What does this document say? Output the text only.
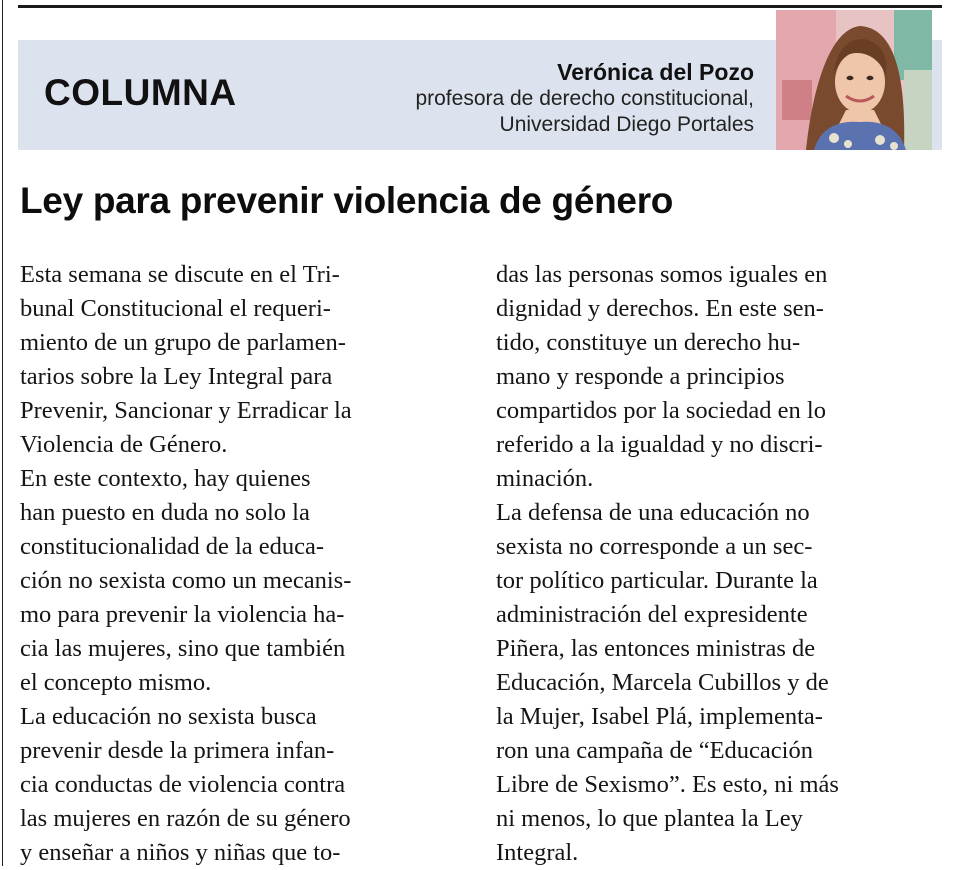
COLUMNA	Verónica del Pozo
profesora de derecho constitucional,
Universidad Diego Portales
Ley para prevenir violencia de género
Esta semana se discute en el Tri-
bunal Constitucional el requeri-
miento de un grupo de parlamen-
tarios sobre la Ley Integral para
Prevenir, Sancionar y Erradicar la
Violencia de Género.
En este contexto, hay quienes
han puesto en duda no solo la
constitucionalidad de la educa-
ción no sexista como un mecanis-
mo para prevenir la violencia ha-
cia las mujeres, sino que también
el concepto mismo.
La educación no sexista busca
prevenir desde la primera infan-
cia conductas de violencia contra
las mujeres en razón de su género
y enseñar a niños y niñas que to-
das las personas somos iguales en
dignidad y derechos. En este sen-
tido, constituye un derecho hu-
mano y responde a principios
compartidos por la sociedad en lo
referido a la igualdad y no discri-
minación.
La defensa de una educación no
sexista no corresponde a un sec-
tor político particular. Durante la
administración del expresidente
Piñera, las entonces ministras de
Educación, Marcela Cubillos y de
la Mujer, Isabel Plá, implementa-
ron una campaña de “Educación
Libre de Sexismo”. Es esto, ni más
ni menos, lo que plantea la Ley
Integral.
